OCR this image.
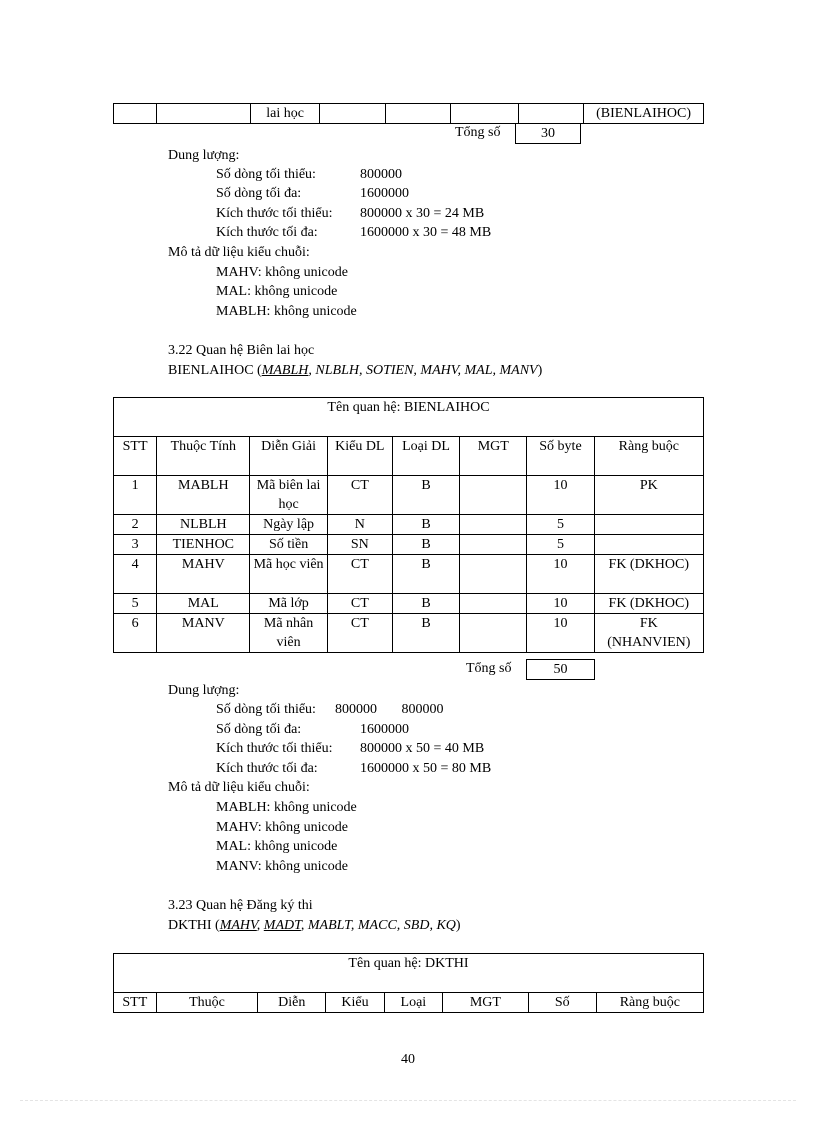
		lai học					(BIENLAIHOC)
Tổng số	30
Dung lượng:
Số dòng tối thiểu:	800000
Số dòng tối đa:	1600000
Kích thước tối thiểu: 800000 x 30 = 24 MB
Kích thước tối đa:	1600000 x 30 = 48 MB
Mô tả dữ liệu kiểu chuỗi:
MAHV: không unicode
MAL: không unicode
MABLH: không unicode
3.22 Quan hệ Biên lai học
BIENLAIHOC (MABLH, NLBLH, SOTIEN, MAHV, MAL, MANV)
Tên quan hệ: BIENLAIHOC							
STT	Thuộc Tính	Diễn Giải	Kiểu DL	Loại DL	MGT	Số byte	Ràng buộc
1	MABLH	Mã biên lai học	CT	B		10	PK
2	NLBLH	Ngày lập	N	B		5	
3	TIENHOC	Số tiền	SN	B		5	
4	MAHV	Mã học viên	CT	B		10	FK (DKHOC)
5	MAL	Mã lớp	CT	B		10	FK (DKHOC)
6	MANV	Mã nhân viên	CT	B		10	FK (NHANVIEN)
Tổng số	50
Dung lượng:
Số dòng tối thiểu: 800000       800000
Số dòng tối đa:	1600000
Kích thước tối thiểu: 800000 x 50 = 40 MB
Kích thước tối đa:	1600000 x 50 = 80 MB
Mô tả dữ liệu kiểu chuỗi:
MABLH: không unicode
MAHV: không unicode
MAL: không unicode
MANV: không unicode
3.23 Quan hệ Đăng ký thi
DKTHI (MAHV, MADT, MABLT, MACC, SBD, KQ)
Tên quan hệ: DKTHI
STT	Thuộc	Diễn	Kiểu	Loại	MGT	Số	Ràng buộc
40
